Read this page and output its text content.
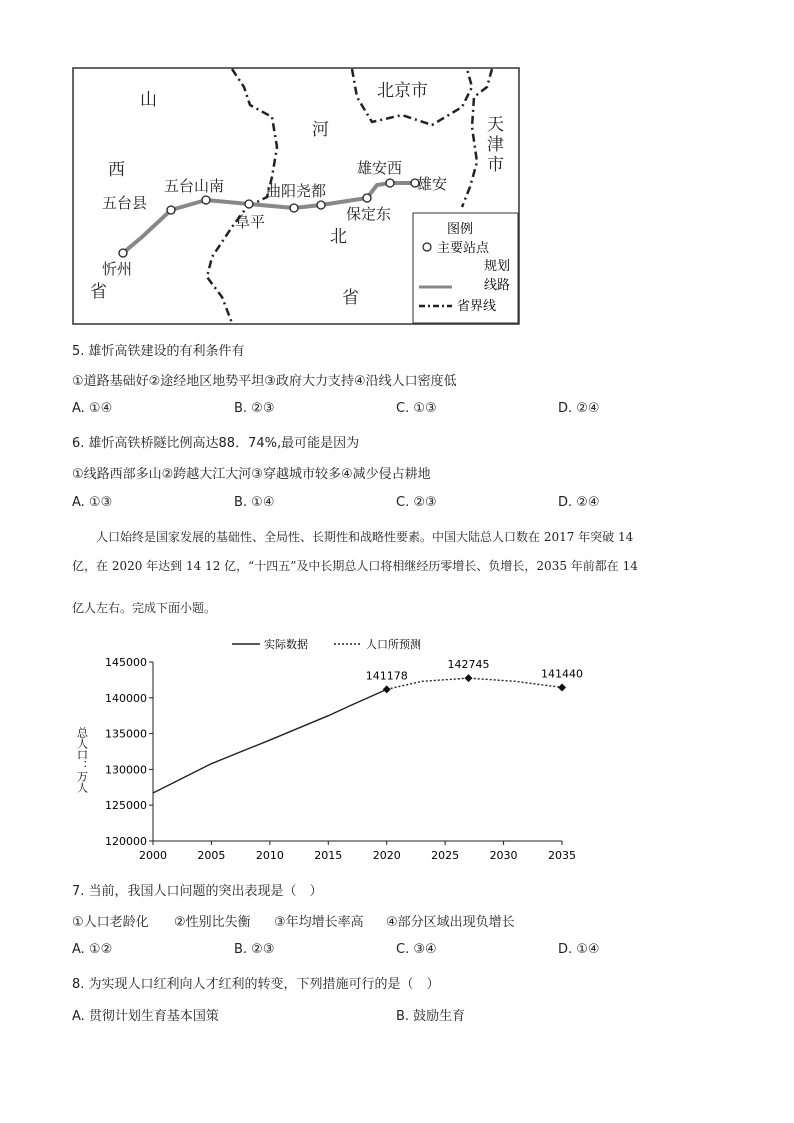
山
西
河
北
省	省
北京市
天
津
市
五台县
五台山南	曲阳尧都
阜平	保定东
雄安西
雄安
忻州
图例
主要站点
规划
线路
省界线
5. 雄忻高铁建设的有利条件有
①道路基础好②途经地区地势平坦③政府大力支持④沿线人口密度低
A. ①④	B. ②③	C. ①③	D. ②④
6. 雄忻高铁桥隧比例高达88．74%,最可能是因为
①线路西部多山②跨越大江大河③穿越城市较多④减少侵占耕地
A. ①③	B. ①④	C. ②③	D. ②④
人口始终是国家发展的基础性、全局性、长期性和战略性要素。中国大陆总人口数在 2017 年突破 14
亿，在 2020 年达到 14 12 亿，“十四五”及中长期总人口将相继经历零增长、负增长，2035 年前都在 14
亿人左右。完成下面小题。
实际数据	人口所预测
总人口：万人
120000
125000
130000
135000
140000
145000
2000	2005	2010	2015	2020	2025	2030	2035
141178
142745
141440
7. 当前，我国人口问题的突出表现是（　）
①人口老龄化 ②性别比失衡 ③年均增长率高 ④部分区域出现负增长
A. ①②	B. ②③	C. ③④	D. ①④
8. 为实现人口红利向人才红利的转变，下列措施可行的是（　）
A. 贯彻计划生育基本国策	B. 鼓励生育
